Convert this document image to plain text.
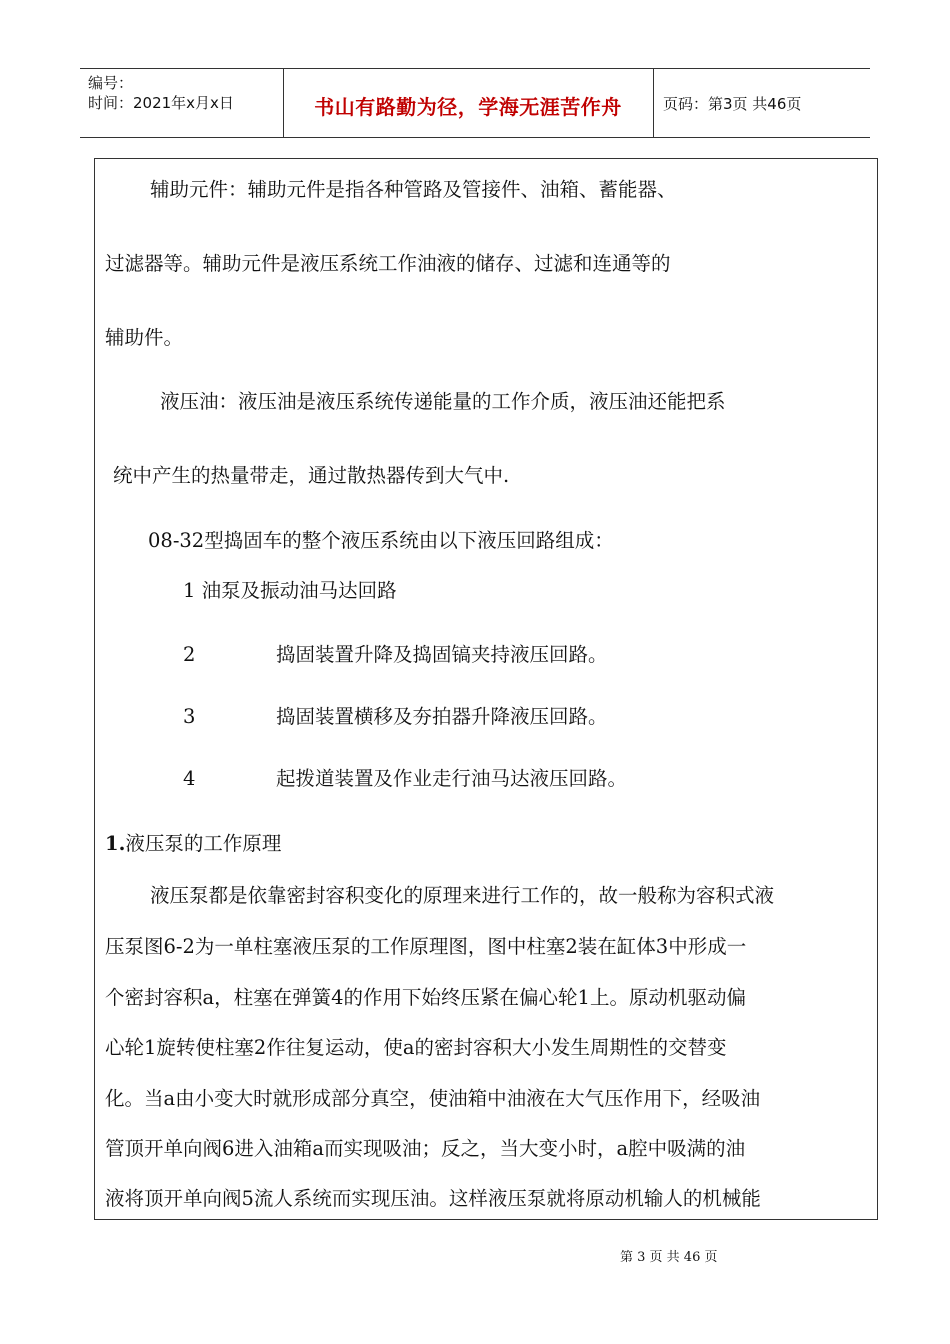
编号：
时间：2021年x月x日	书山有路勤为径，学海无涯苦作舟	页码：第3页 共46页
辅助元件：辅助元件是指各种管路及管接件、油箱、蓄能器、
过滤器等。辅助元件是液压系统工作油液的储存、过滤和连通等的
辅助件。
液压油：液压油是液压系统传递能量的工作介质，液压油还能把系
统中产生的热量带走，通过散热器传到大气中.
08-32型捣固车的整个液压系统由以下液压回路组成：
1 油泵及振动油马达回路
2	捣固装置升降及捣固镐夹持液压回路。
3	捣固装置横移及夯拍器升降液压回路。
4	起拨道装置及作业走行油马达液压回路。
1.液压泵的工作原理
液压泵都是依靠密封容积变化的原理来进行工作的，故一般称为容积式液
压泵图6-2为一单柱塞液压泵的工作原理图，图中柱塞2装在缸体3中形成一
个密封容积a，柱塞在弹簧4的作用下始终压紧在偏心轮1上。原动机驱动偏
心轮1旋转使柱塞2作往复运动，使a的密封容积大小发生周期性的交替变
化。当a由小变大时就形成部分真空，使油箱中油液在大气压作用下，经吸油
管顶开单向阀6进入油箱a而实现吸油；反之，当大变小时，a腔中吸满的油
液将顶开单向阀5流人系统而实现压油。这样液压泵就将原动机输人的机械能
第 3 页 共 46 页
